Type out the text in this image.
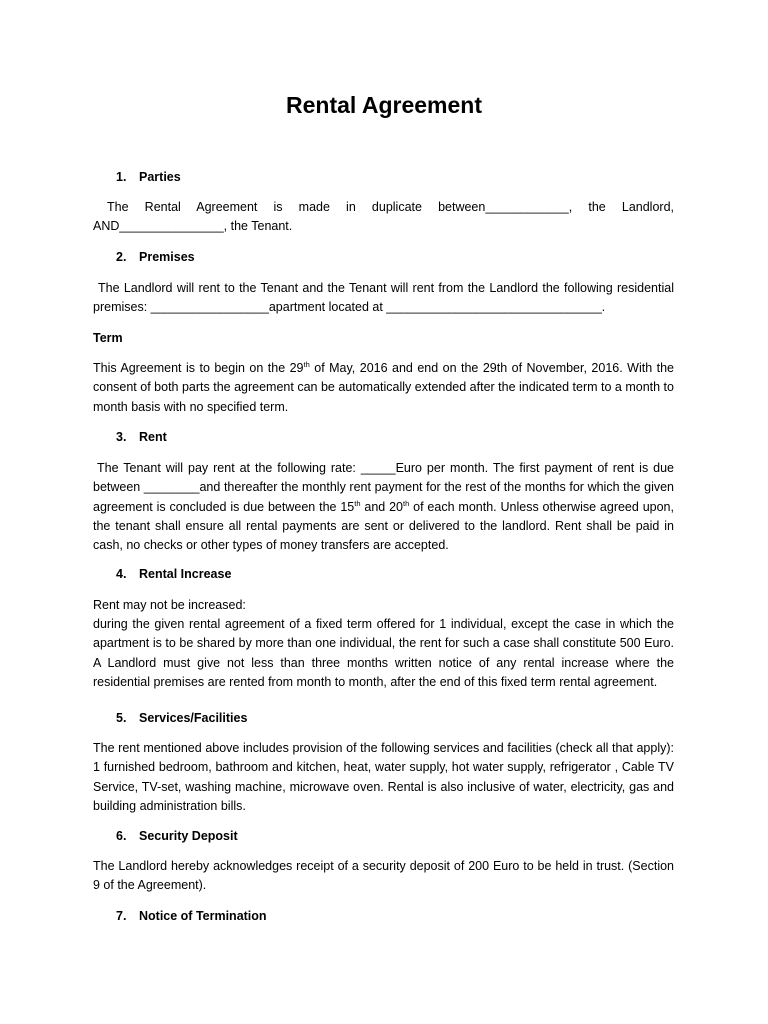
Rental Agreement
1. Parties
The Rental Agreement is made in duplicate between____________, the Landlord, AND_______________, the Tenant.
2. Premises
The Landlord will rent to the Tenant and the Tenant will rent from the Landlord the following residential premises: _________________apartment located at _______________________________.
Term
This Agreement is to begin on the 29th of May, 2016 and end on the 29th of November, 2016. With the consent of both parts the agreement can be automatically extended after the indicated term to a month to month basis with no specified term.
3. Rent
The Tenant will pay rent at the following rate: _____Euro per month. The first payment of rent is due between ________and thereafter the monthly rent payment for the rest of the months for which the given agreement is concluded is due between the 15th and 20th of each month. Unless otherwise agreed upon, the tenant shall ensure all rental payments are sent or delivered to the landlord. Rent shall be paid in cash, no checks or other types of money transfers are accepted.
4. Rental Increase
Rent may not be increased:
during the given rental agreement of a fixed term offered for 1 individual, except the case in which the apartment is to be shared by more than one individual, the rent for such a case shall constitute 500 Euro. A Landlord must give not less than three months written notice of any rental increase where the residential premises are rented from month to month, after the end of this fixed term rental agreement.
5. Services/Facilities
The rent mentioned above includes provision of the following services and facilities (check all that apply): 1 furnished bedroom, bathroom and kitchen, heat, water supply, hot water supply, refrigerator , Cable TV Service, TV-set, washing machine, microwave oven. Rental is also inclusive of water, electricity, gas and building administration bills.
6. Security Deposit
The Landlord hereby acknowledges receipt of a security deposit of 200 Euro to be held in trust. (Section 9 of the Agreement).
7. Notice of Termination
